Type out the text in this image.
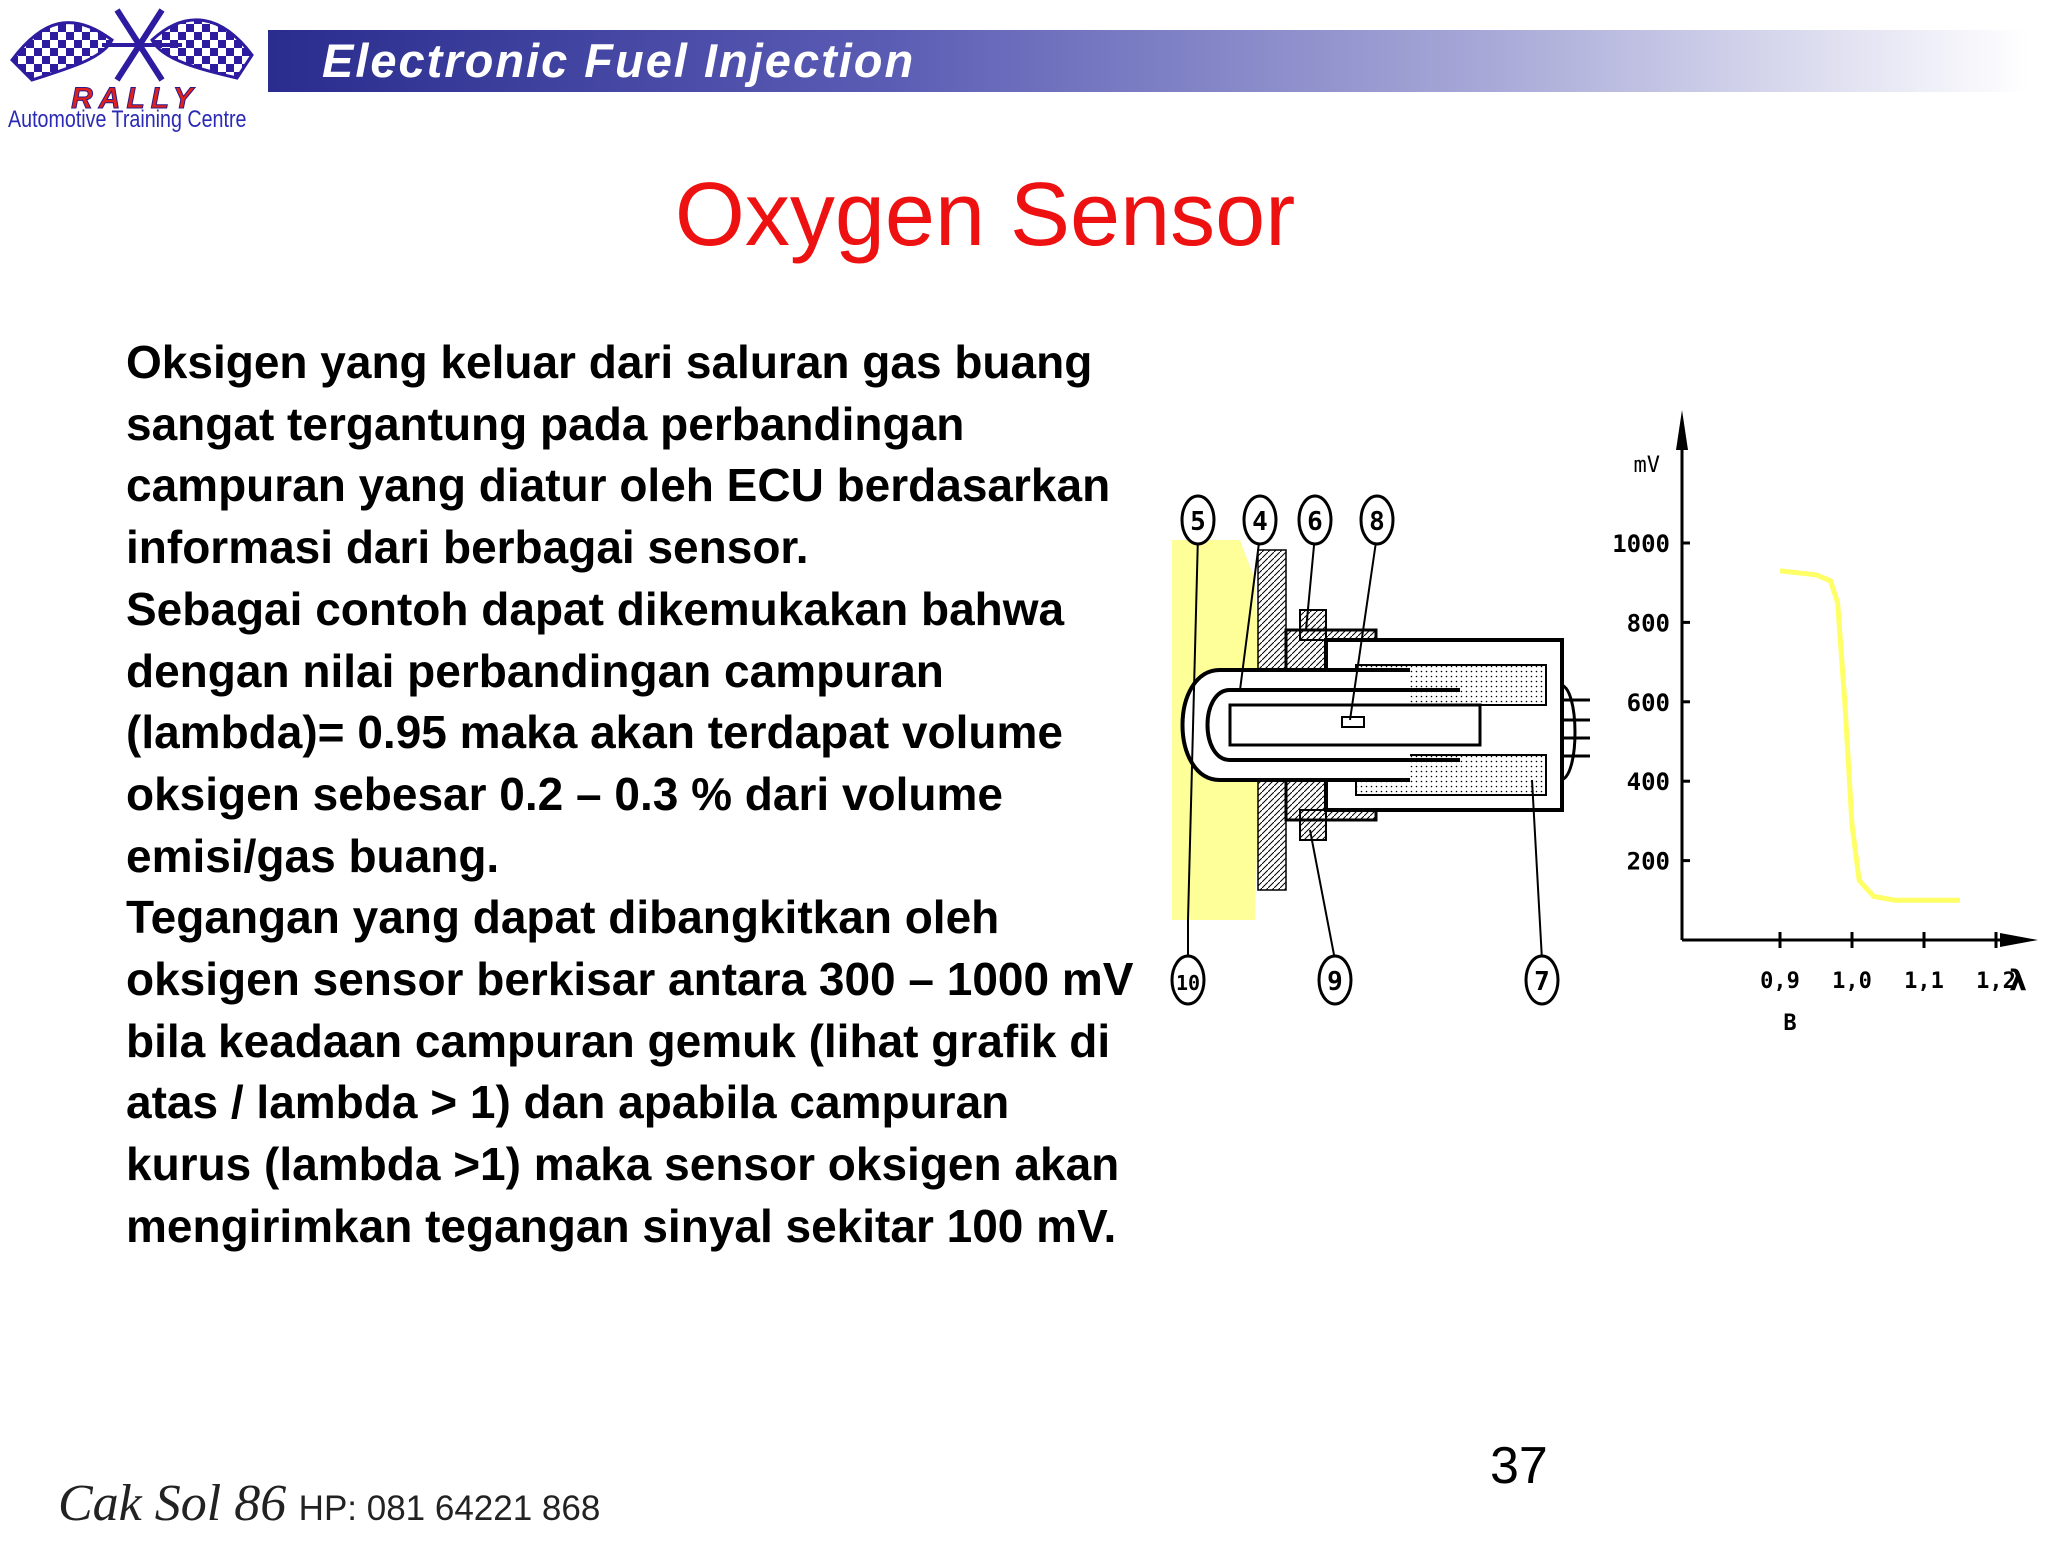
RALLY
Automotive Training Centre
Electronic Fuel Injection
Oxygen Sensor

Oksigen yang keluar dari saluran gas buang sangat tergantung pada perbandingan campuran yang diatur oleh ECU berdasarkan informasi dari berbagai sensor.

Sebagai contoh dapat dikemukakan bahwa dengan nilai perbandingan campuran (lambda)= 0.95 maka akan terdapat volume oksigen sebesar 0.2 – 0.3 % dari volume emisi/gas buang.

Tegangan yang dapat dibangkitkan oleh oksigen sensor berkisar antara 300 – 1000 mV bila keadaan campuran gemuk (lihat grafik di atas / lambda > 1) dan apabila campuran kurus (lambda >1) maka sensor oksigen akan mengirimkan tegangan sinyal sekitar 100 mV.

5 4 6 8
10	9	7
mV
λ
B
1000
800
600
400
200
0,9 1,0 1,1 1,2
37
Cak Sol 86 HP: 081 64221 868
